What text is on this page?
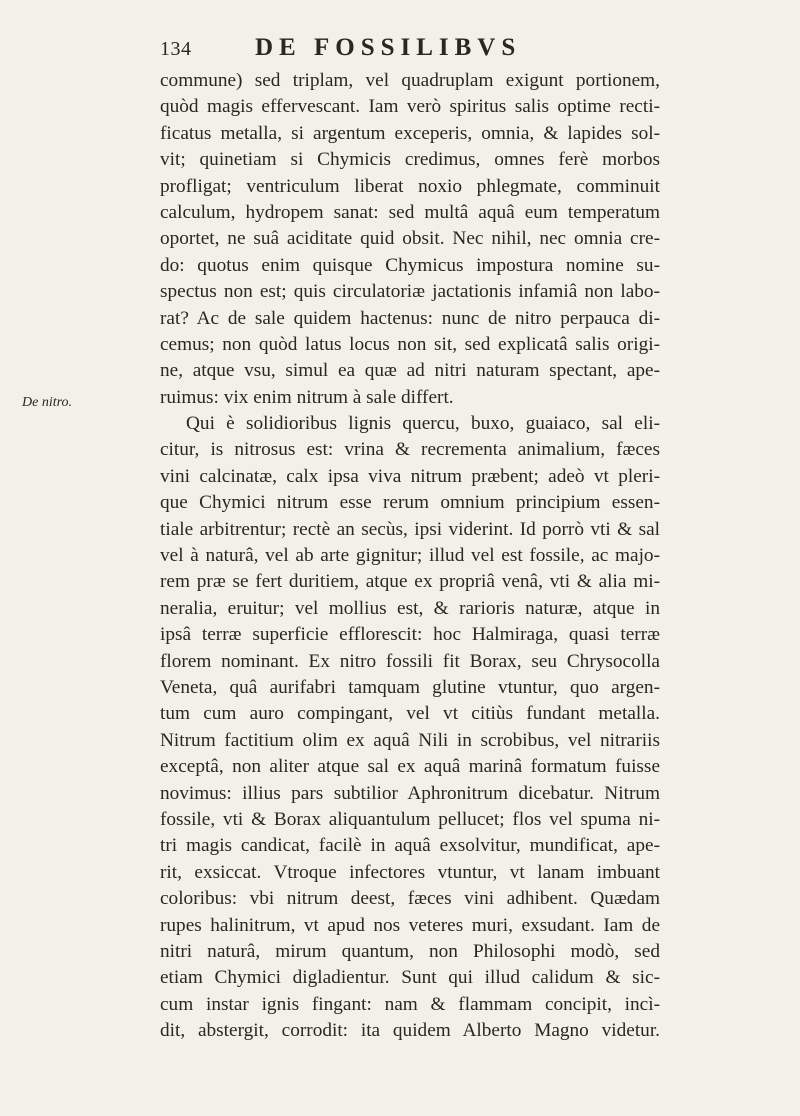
134	DE FOSSILIBVS
De nitro.
commune) sed triplam, vel quadruplam exigunt portionem,
quòd magis effervescant. Iam verò spiritus salis optime recti-
ficatus metalla, si argentum exceperis, omnia, & lapides sol-
vit; quinetiam si Chymicis credimus, omnes ferè morbos
profligat; ventriculum liberat noxio phlegmate, comminuit
calculum, hydropem sanat: sed multâ aquâ eum temperatum
oportet, ne suâ aciditate quid obsit. Nec nihil, nec omnia cre-
do: quotus enim quisque Chymicus impostura nomine su-
spectus non est; quis circulatoriæ jactationis infamiâ non labo-
rat? Ac de sale quidem hactenus: nunc de nitro perpauca di-
cemus; non quòd latus locus non sit, sed explicatâ salis origi-
ne, atque vsu, simul ea quæ ad nitri naturam spectant, ape-
ruimus: vix enim nitrum à sale differt.
Qui è solidioribus lignis quercu, buxo, guaiaco, sal eli-
citur, is nitrosus est: vrina & recrementa animalium, fæces
vini calcinatæ, calx ipsa viva nitrum præbent; adeò vt pleri-
que Chymici nitrum esse rerum omnium principium essen-
tiale arbitrentur; rectè an secùs, ipsi viderint. Id porrò vti & sal
vel à naturâ, vel ab arte gignitur; illud vel est fossile, ac majo-
rem præ se fert duritiem, atque ex propriâ venâ, vti & alia mi-
neralia, eruitur; vel mollius est, & rarioris naturæ, atque in
ipsâ terræ superficie efflorescit: hoc Halmiraga, quasi terræ
florem nominant. Ex nitro fossili fit Borax, seu Chrysocolla
Veneta, quâ aurifabri tamquam glutine vtuntur, quo argen-
tum cum auro compingant, vel vt citiùs fundant metalla.
Nitrum factitium olim ex aquâ Nili in scrobibus, vel nitrariis
exceptâ, non aliter atque sal ex aquâ marinâ formatum fuisse
novimus: illius pars subtilior Aphronitrum dicebatur. Nitrum
fossile, vti & Borax aliquantulum pellucet; flos vel spuma ni-
tri magis candicat, facilè in aquâ exsolvitur, mundificat, ape-
rit, exsiccat. Vtroque infectores vtuntur, vt lanam imbuant
coloribus: vbi nitrum deest, fæces vini adhibent. Quædam
rupes halinitrum, vt apud nos veteres muri, exsudant. Iam de
nitri naturâ, mirum quantum, non Philosophi modò, sed
etiam Chymici digladientur. Sunt qui illud calidum & sic-
cum instar ignis fingant: nam & flammam concipit, incì-
dit, abstergit, corrodit: ita quidem Alberto Magno videtur.
